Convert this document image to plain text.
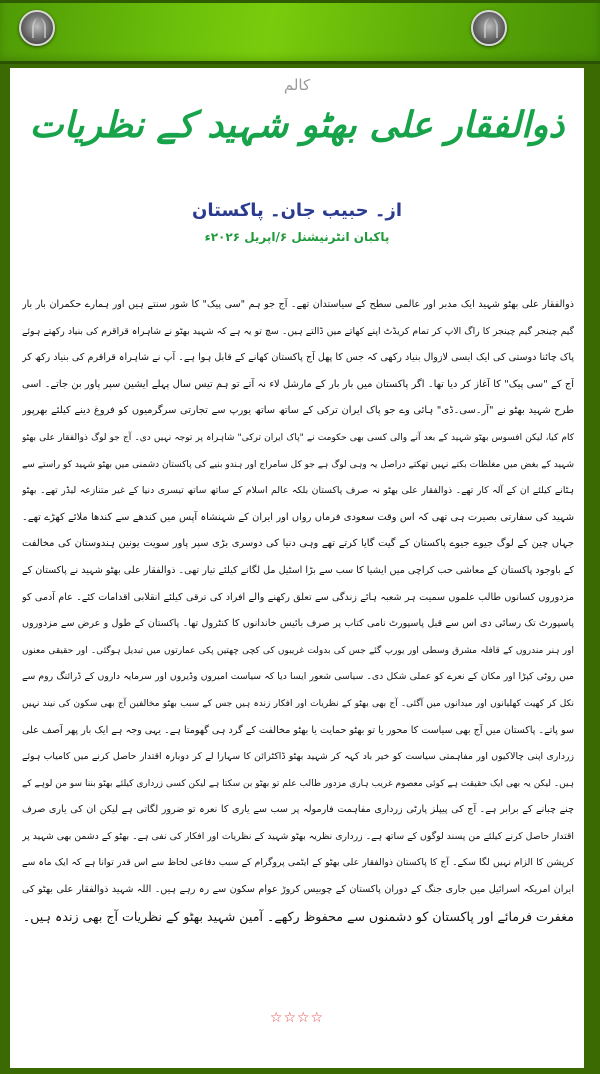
کالم
ذوالفقار علی بھٹو شہید کے نظریات
از۔ حبیب جان۔ پاکستان
پاکبان انٹرنیشنل ۶/اپریل ۲۰۲۶ء
ذوالفقار علی بھٹو شہید ایک مدبر اور عالمی سطح کے سیاستدان تھے۔ آج جو ہم "سی پیک" کا شور سنتے ہیں اور ہمارے حکمران بار بار
گیم چینجر گیم چینجر کا راگ الاپ کر تمام کریڈٹ اپنے کھاتے میں ڈالتے ہیں۔ سچ تو یہ ہے کہ شہید بھٹو نے شاہراہ قراقرم کی بنیاد رکھتے ہوئے
پاک چائنا دوستی کی ایک ایسی لازوال بنیاد رکھی کہ جس کا پھل آج پاکستان کھانے کے قابل ہوا ہے۔ آپ نے شاہراہ قراقرم کی بنیاد رکھ کر
آج کے "سی پیک" کا آغاز کر دیا تھا۔ اگر پاکستان میں بار بار کے مارشل لاء نہ آتے تو ہم تیس سال پہلے ایشین سپر پاور بن جاتے۔ اسی
طرح شہید بھٹو نے "آر۔سی۔ڈی" ہائی وے جو پاک ایران ترکی کے ساتھ ساتھ یورپ سے تجارتی سرگرمیوں کو فروغ دینے کیلئے بھرپور
کام کیا، لیکن افسوس بھٹو شہید کے بعد آنے والی کسی بھی حکومت نے "پاک ایران ترکی" شاہراہ پر توجہ نہیں دی۔ آج جو لوگ ذوالفقار علی بھٹو
شہید کے بغض میں مغلظات بکتے نہیں تھکتے دراصل یہ وہی لوگ ہے جو کل سامراج اور ہندو بنیے کی پاکستان دشمنی میں بھٹو شہید کو راستے سے
ہٹانے کیلئے ان کے آلہ کار تھے۔ ذوالفقار علی بھٹو نہ صرف پاکستان بلکہ عالم اسلام کے ساتھ ساتھ تیسری دنیا کے غیر متنازعہ لیڈر تھے۔ بھٹو
شہید کی سفارتی بصیرت ہی تھی کہ اس وقت سعودی فرماں رواں اور ایران کے شہنشاہ آپس میں کندھے سے کندھا ملائے کھڑے تھے۔
جہاں چین کے لوگ جیوے جیوے پاکستان کے گیت گایا کرتے تھے وہی دنیا کی دوسری بڑی سپر پاور سویت یونین ہندوستان کی مخالفت
کے باوجود پاکستان کے معاشی حب کراچی میں ایشیا کا سب سے بڑا اسٹیل مل لگانے کیلئے تیار تھی۔ ذوالفقار علی بھٹو شہید نے پاکستان کے
مزدوروں کسانوں طالب علموں سمیت ہر شعبہ ہائے زندگی سے تعلق رکھنے والے افراد کی ترقی کیلئے انقلابی اقدامات کئے۔ عام آدمی کو
پاسپورٹ تک رسائی دی اس سے قبل پاسپورٹ نامی کتاب پر صرف بائیس خاندانوں کا کنٹرول تھا۔ پاکستان کے طول و عرض سے مزدوروں
اور ہنر مندروں کے قافلہ مشرق وسطی اور یورپ گئے جس کی بدولت غریبوں کی کچی چھتیں پکی عمارتوں میں تبدیل ہوگئی۔ اور حقیقی معنوں
میں روٹی کپڑا اور مکان کے نعرے کو عملی شکل دی۔ سیاسی شعور ایسا دیا کہ سیاست امیروں وڈیروں اور سرمایہ داروں کے ڈرائنگ روم سے
نکل کر کھیت کھلیانوں اور میدانوں میں آگئی۔ آج بھی بھٹو کے نظریات اور افکار زندہ ہیں جس کے سبب بھٹو مخالفین آج بھی سکون کی نیند نہیں
سو پاتے۔ پاکستان میں آج بھی سیاست کا محور یا تو بھٹو حمایت یا بھٹو مخالفت کے گرد ہی گھومتا ہے۔ یہی وجہ ہے ایک بار پھر آصف علی
زرداری اپنی چالاکیوں اور مفاہمتی سیاست کو خیر باد کہہ کر شہید بھٹو ڈاکٹرائن کا سہارا لے کر دوبارہ اقتدار حاصل کرنے میں کامیاب ہوئے
ہیں۔ لیکن یہ بھی ایک حقیقت ہے کوئی معصوم غریب ہاری مزدور طالب علم تو بھٹو بن سکتا ہے لیکن کسی زرداری کیلئے بھٹو بننا سو من لوہے کے
چنے چبانے کے برابر ہے۔ آج کی پیپلز پارٹی زرداری مفاہمت فارمولہ پر سب سے یاری کا نعرہ تو ضرور لگاتی ہے لیکن ان کی یاری صرف
اقتدار حاصل کرنے کیلئے من پسند لوگوں کے ساتھ ہے۔ زرداری نظریہ بھٹو شہید کے نظریات اور افکار کی نفی ہے۔ بھٹو کے دشمن بھی شہید پر
کرپشن کا الزام نہیں لگا سکے۔ آج کا پاکستان ذوالفقار علی بھٹو کے ایٹمی پروگرام کے سبب دفاعی لحاظ سے اس قدر توانا ہے کہ ایک ماہ سے
ایران امریکہ اسرائیل میں جاری جنگ کے دوران پاکستان کے چوبیس کروڑ عوام سکون سے رہ رہے ہیں۔ اللہ شہید ذوالفقار علی بھٹو کی
مغفرت فرمائے اور پاکستان کو دشمنوں سے محفوظ رکھے۔ آمین شہید بھٹو کے نظریات آج بھی زندہ ہیں۔
☆☆☆☆
